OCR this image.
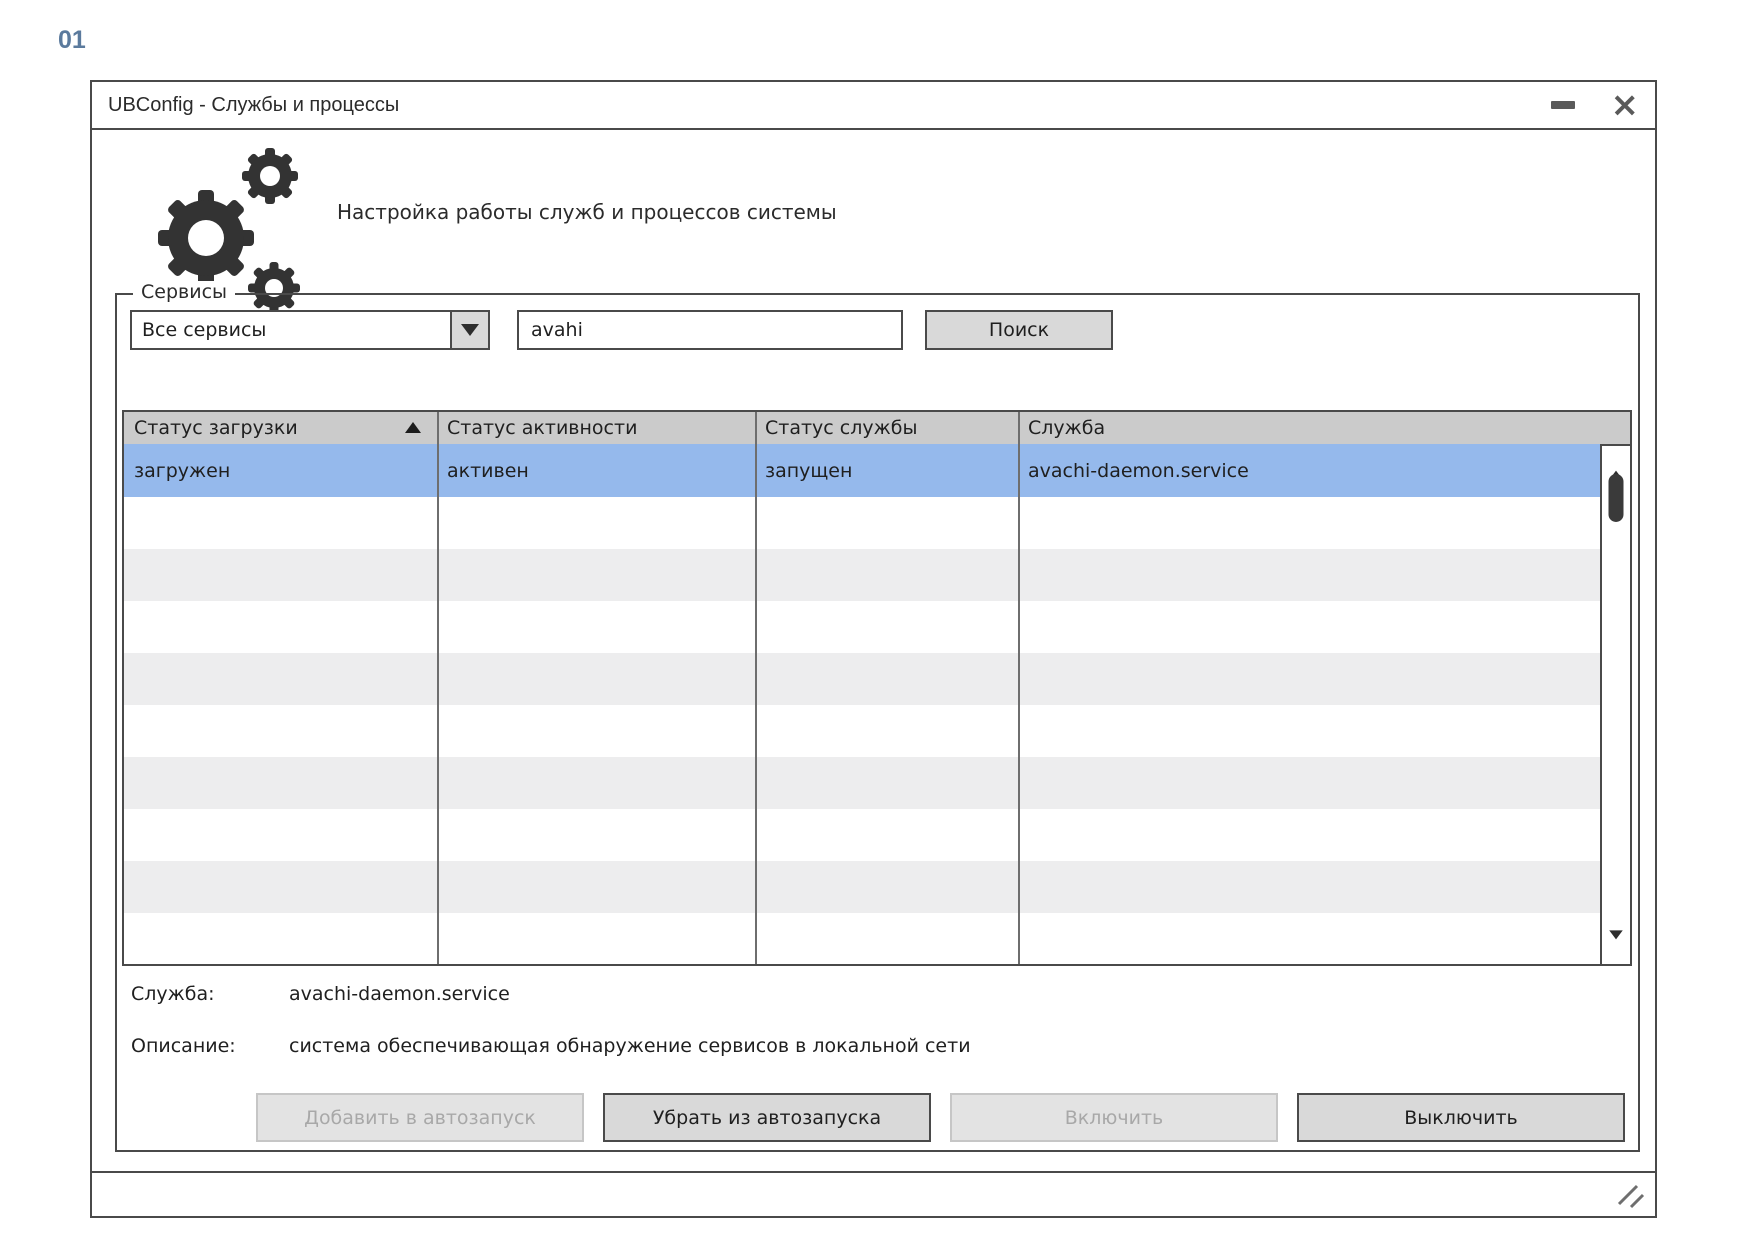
01
UBConfig - Службы и процессы	×
Настройка работы служб и процессов системы
Сервисы
Все сервисы
avahi	Поиск
Статус загрузки	Статус активности	Статус службы	Служба
загружен	активен	запущен	avachi-daemon.service
Служба:	avachi-daemon.service
Описание:	система обеспечивающая обнаружение сервисов в локальной сети
Добавить в автозапуск	Убрать из автозапуска	Включить	Выключить
